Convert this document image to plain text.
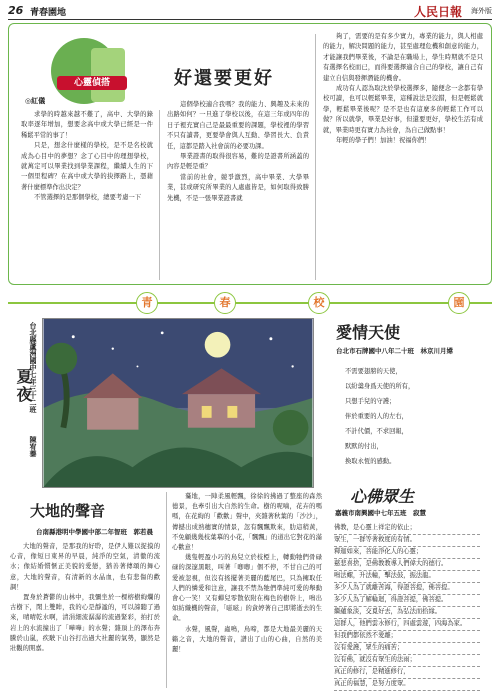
26 青春園地	人民日報 海外版
心靈偵搭	好還要更好
◎紅儀

求學的時越來越不難了，高中、大學的錄取率逐年增加，想要念高中或大學已經是一件稀鬆平常的事了！

只是，想念什麼樣的學校，是不是名校就成為心目中的夢想？念了心目中的理想學校，就萬定可以畢業找到學業課程，繼續人生的下一個里程碑？在高中或大學的抉擇路上，憑藉著什麼標準作出決定？

不管選擇的是那個學校，總要考慮一下

這個學校適合我嗎？我的能力、興趣及未來的出路如何？一旦進了學校以後，在這三年或四年的日子裡充實自己是最最重要的課題，學校裡的學習不只有讀書，更要學會與人互動、學習長大、負責任，這都是踏入社會前的必要功課。

畢業證書的取得很容易，難的是證書所涵蓋的內容是輕是重？

當前的社會，競爭激烈，高中畢業、大學畢業，甚或研究所畢業的人處處皆是，如何取得致勝先機，不是一張畢業證書就

夠了，需要的是有多少實力，專業的能力，與人相處的能力，解決問題的能力，甚至處理危機和創意的能力，才能讓我們畢業後，不論是在職場上，學生時期就不是只有選擇名校而已，而得要選擇適合自己的學校，讓自己有建立自信與發揮潛能的機會。

成功有人認為取決於學校選擇多，隨便念一念都有學校可讀，也可以輕鬆畢業，這種說法是沒錯，但是輕鬆就學，輕鬆畢業後呢？是不是也有這麼多的輕鬆工作可以做？所以就學，畢業是好事，但還要更好，學校生活有成就，畢業時更有實力為社會，為自己做點事！

年輕的學子們！加油！祝福你們！

青	春	校	園
台北縣蘆洲國中七年三十二班
陳宥蓁
夏夜
愛情天使
台北市石牌國中八年二十班　林京川月嫦
不需要翅膀的天使，
以紛羹身爲天使的所有，
只想手兒的守護；
伴於重要的人的左右，
不計代價，不求回報，
默默的付出，
換取永恆的感動。
大地的聲音
台南縣港明中學國中部二年智班　郭若晨

大地的聲音，是那我的好聆，是伊人難以捉摸的心音，像短日東昇的早晨，純淨的空氣，清徹的流水；像結婚慣愜正美貌的愛戀，猶善著傳頌的舞心意，大地的聲音，有清新的水晶血，也有悲傷的歡調！

置身於蒼鬱的山林中，我彌坐於一棵榕樹絢爛的古樹下，閑上雙眸，我的心是靜謐的，可以諦聽了過來，晴晴乾水啊，清涓細流潺潺的流過緊彩，拍打於岩上的水流撞出了「嘩嘩」的水聲；雜頂上的澤布奔騰於山嵐，疾駛下山谷打出過大社麗的氣勢，顯然是壯觀的開嘉。

驀地，一陣柔風輕飄，徐徐的拂過了整座的森然德景，也牽引出大自然的生命。樹的呢喃，花卉的嗎嗎，在花絢的「歡歡」聲中，夾雜著秋葉的「沙沙」，傳撼出成熟穗實的情景，忽有飄飄欺來，肋這稍黃，不免顧幾幾枝葉摹的小花，「飄飄」的道出它對花的滿心歡意！

幾隻輕盈小巧的鳥兒立於枝椏上，轉動牠們骨碌碌的深邃黑眼，叫著「喞喞」個不停，不甘自己的可愛被忽視，但沒有搖擺著美麗的藍尾巴，只為擁取任人們的憐愛和注意，讓我不禁為牠們準純可愛的舉動會心一笑！又有蟬兒零散依附在梅色的樹幹上，鳴出如紡織機的聲音，「嗞嗞」的貪婷著自己即將逝去的生命。

水聲，風聲，蟲鳴，鳥啼，都是大地最美麗的天籟之音，大地的聲音，譜出了山的心曲，自然的美麗！

心佛眾生
嘉義市南興國中七年五班　寂慧
佛教，是心靈上祥定的依止；
眾生，一群等著救度的有情。
釋迦如來，菩能淨化人的心靈；
慈悲喜捨，是佛教教導人們偉大的德行。
鳴法螺，升法幢，擊法鼓，振法龍。
多少人為了就離苦海，得證菩提，佛菩提。
多少人為了解輪迴，得證菩提，佛菩提。
繼蘊象淡，交覓好去，為弘法而拾緣。
這群人，他們雲水修行，四處雲遊，四海為家。
但我們都依然不愛離；
沒有愛護，眾生的痛苦；
沒有佛，就沒有眾生的法雨；
真正的修行，是精進修行，
真正的福慧，是努力度眾。
